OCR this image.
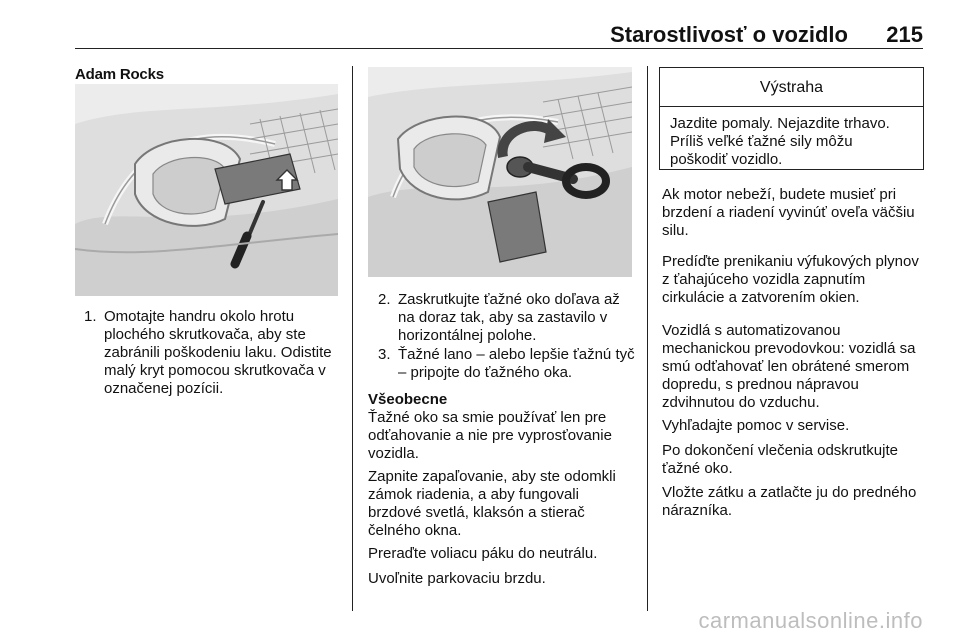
Starostlivosť o vozidlo 215
Adam Rocks
1. Omotajte handru okolo hrotu plochého skrutkovača, aby ste zabránili poškodeniu laku. Odistite malý kryt pomocou skrutkovača v označenej pozícii.
2. Zaskrutkujte ťažné oko doľava až na doraz tak, aby sa zastavilo v horizontálnej polohe.
3. Ťažné lano – alebo lepšie ťažnú tyč – pripojte do ťažného oka.
Všeobecne
Ťažné oko sa smie používať len pre odťahovanie a nie pre vyprosťovanie vozidla.
Zapnite zapaľovanie, aby ste odomkli zámok riadenia, a aby fungovali brzdové svetlá, klaksón a stierač čelného okna.
Preraďte voliacu páku do neutrálu.
Uvoľnite parkovaciu brzdu.
Výstraha
Jazdite pomaly. Nejazdite trhavo. Príliš veľké ťažné sily môžu poškodiť vozidlo.
Ak motor nebeží, budete musieť pri brzdení a riadení vyvinúť oveľa väčšiu silu.
Predíďte prenikaniu výfukových plynov z ťahajúceho vozidla zapnutím cirkulácie a zatvorením okien.
Vozidlá s automatizovanou mechanickou prevodovkou: vozidlá sa smú odťahovať len obrátené smerom dopredu, s prednou nápravou zdvihnutou do vzduchu.
Vyhľadajte pomoc v servise.
Po dokončení vlečenia odskrutkujte ťažné oko.
Vložte zátku a zatlačte ju do predného nárazníka.
carmanualsonline.info
